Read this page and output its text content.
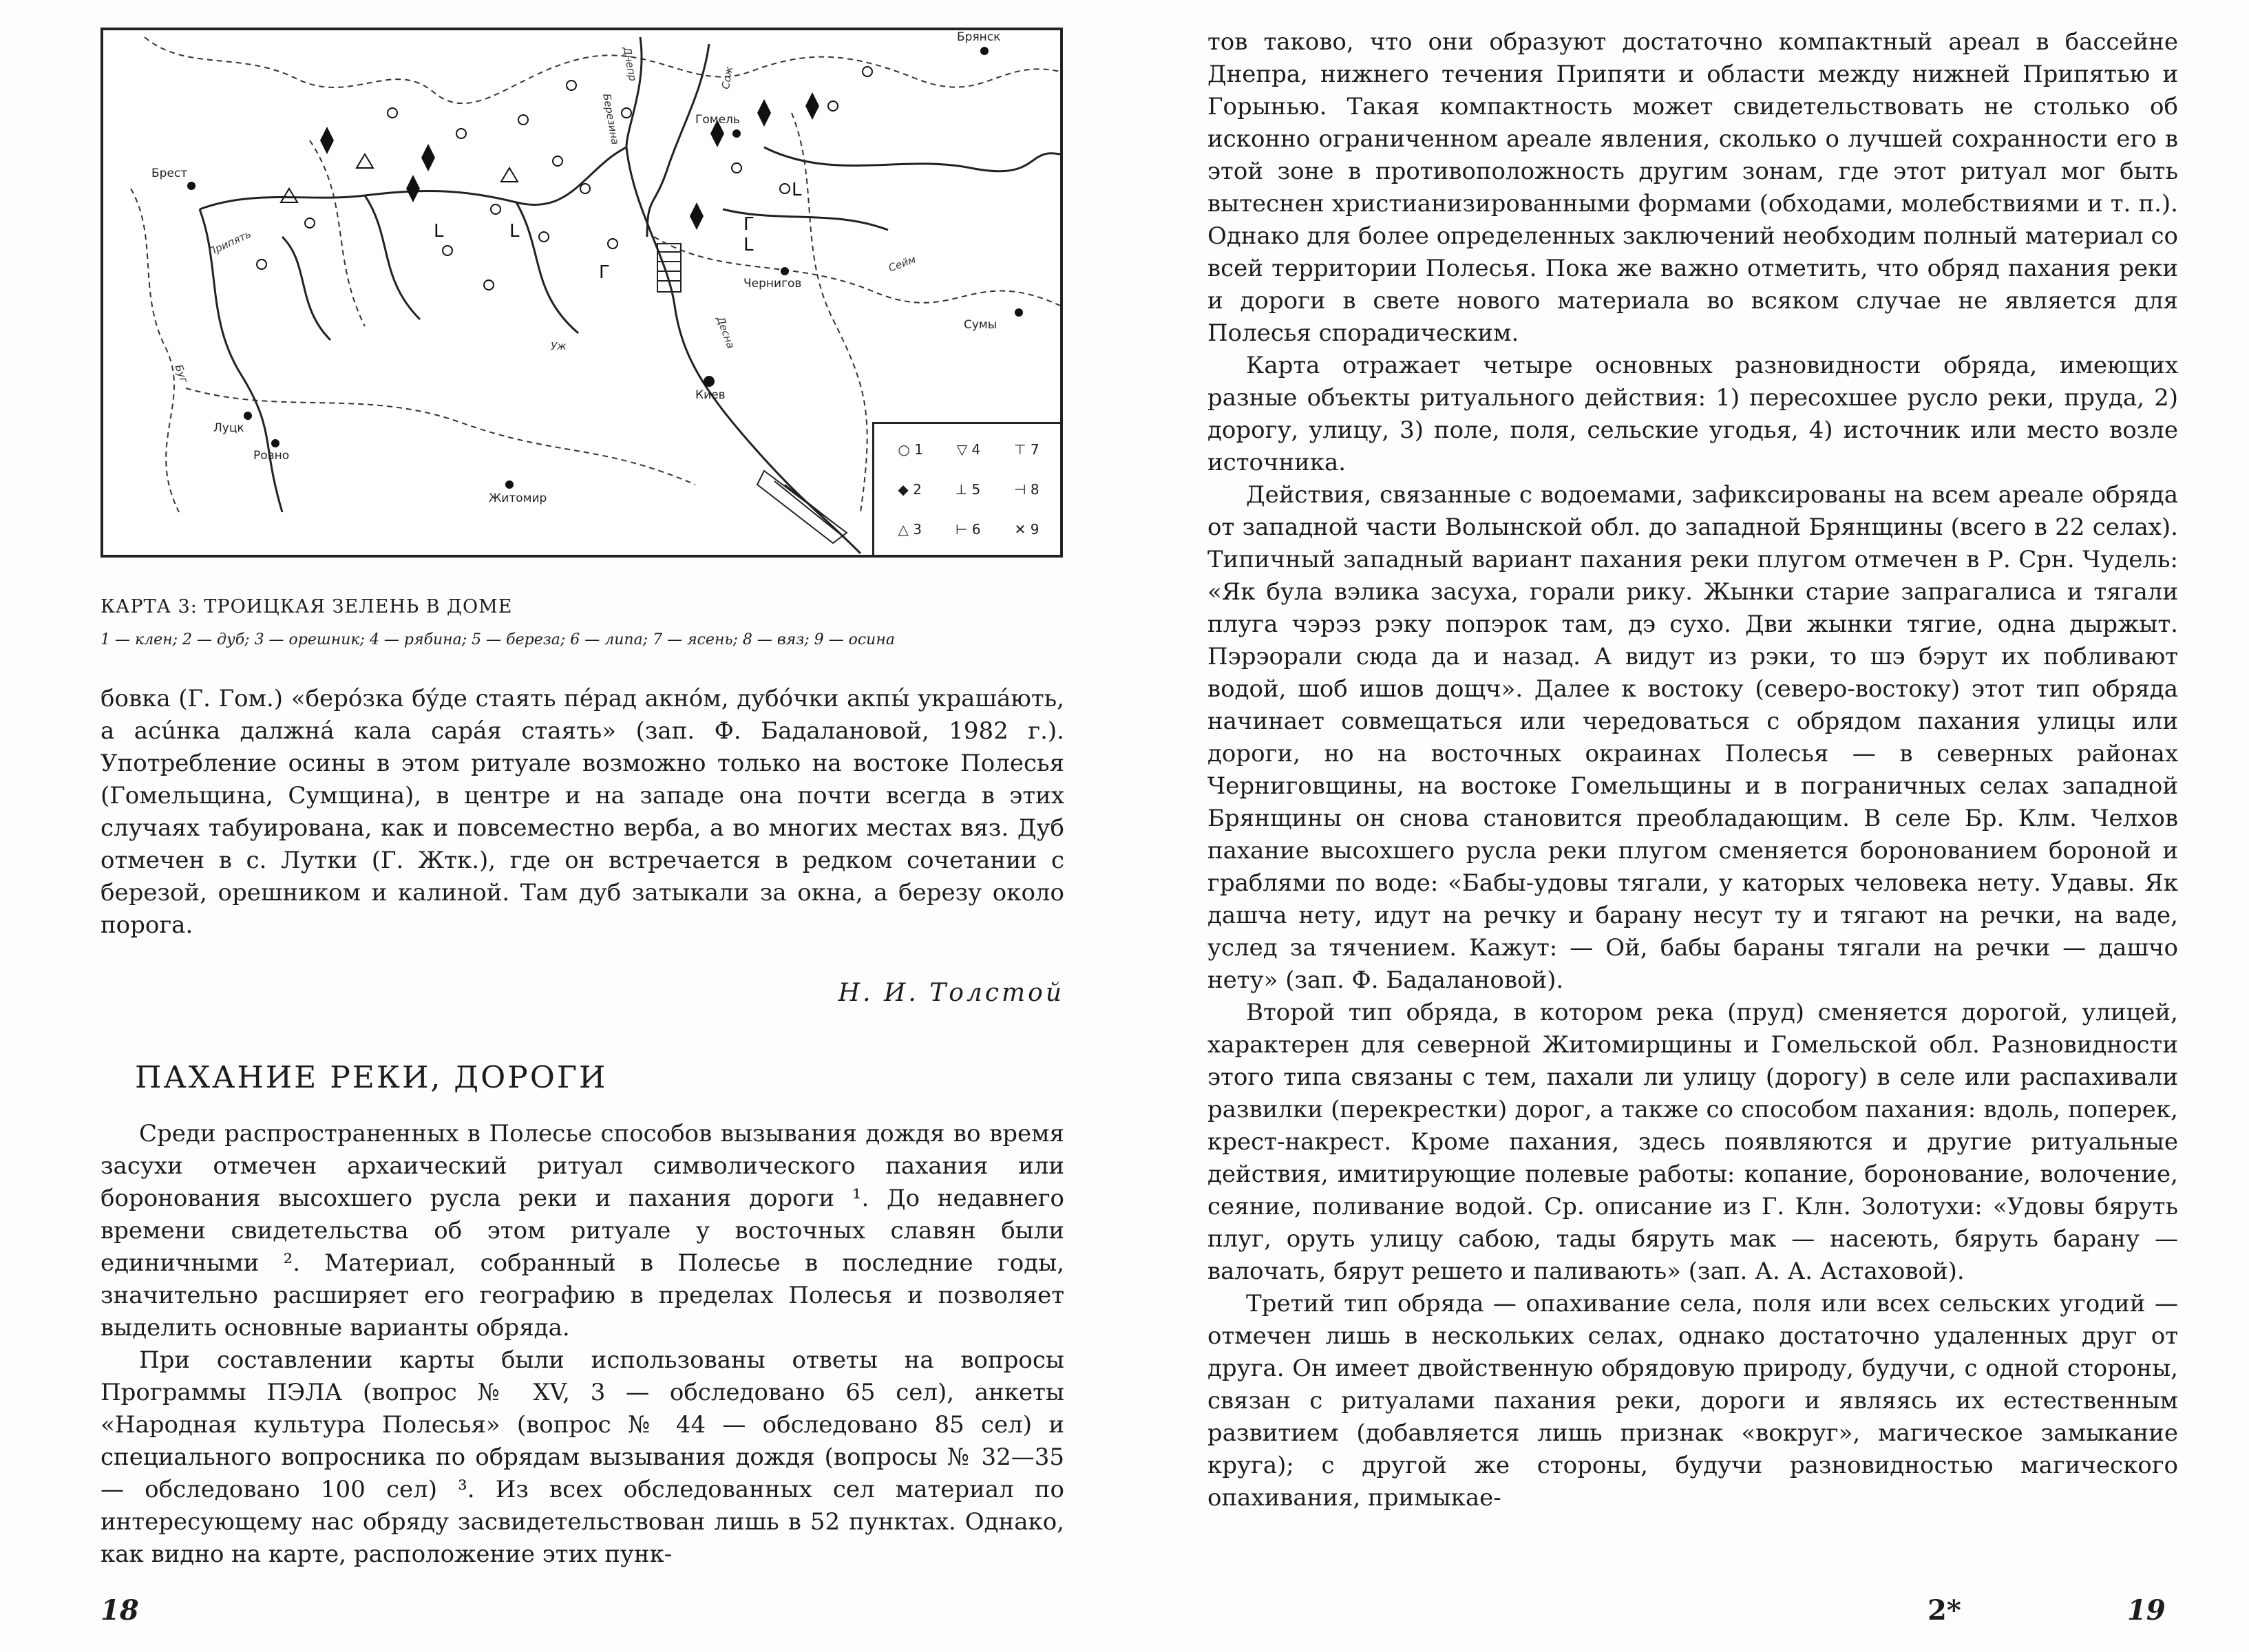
L	L	Г
L
Г
L
Брест
Гомель
Чернигов
Сумы
Луцк
Ровно
Житомир
Киев
Брянск
Припять
Буг
Десна
Сож
Днепр
Березина
Сейм
Уж
○ 1 ▽ 4 ⊤ 7
◆ 2 ⊥ 5 ⊣ 8
△ 3 ⊢ 6 ✕ 9
КАРТА 3: ТРОИЦКАЯ ЗЕЛЕНЬ В ДОМЕ
1 — клен; 2 — дуб; 3 — орешник; 4 — рябина; 5 — береза; 6 — липа; 7 — ясень; 8 — вяз; 9 — осина

бовка (Г. Гом.) «берóзка бýде стаять пéрад акнóм, дубóчки акпы́ украшáють, а асúнка далжнá кала сарáя стаять» (зап. Ф. Бадалановой, 1982 г.). Употребление осины в этом ритуале возможно только на востоке Полесья (Гомельщина, Сумщина), в центре и на западе она почти всегда в этих случаях табуирована, как и повсеместно верба, а во многих местах вяз. Дуб отмечен в с. Лутки (Г. Жтк.), где он встречается в редком сочетании с березой, орешником и калиной. Там дуб затыкали за окна, а березу около порога.

Н. И. Толстой
ПАХАНИЕ РЕКИ, ДОРОГИ

Среди распространенных в Полесье способов вызывания дождя во время засухи отмечен архаический ритуал символического пахания или боронования высохшего русла реки и пахания дороги ¹. До недавнего времени свидетельства об этом ритуале у восточных славян были единичными ². Материал, собранный в Полесье в последние годы, значительно расширяет его географию в пределах Полесья и позволяет выделить основные варианты обряда.

При составлении карты были использованы ответы на вопросы Программы ПЭЛА (вопрос № XV, 3 — обследовано 65 сел), анкеты «Народная культура Полесья» (вопрос № 44 — обследовано 85 сел) и специального вопросника по обрядам вызывания дождя (вопросы № 32—35 — обследовано 100 сел) ³. Из всех обследованных сел материал по интересующему нас обряду засвидетельствован лишь в 52 пунктах. Однако, как видно на карте, расположение этих пунк-

18

тов таково, что они образуют достаточно компактный ареал в бассейне Днепра, нижнего течения Припяти и области между нижней Припятью и Горынью. Такая компактность может свидетельствовать не столько об исконно ограниченном ареале явления, сколько о лучшей сохранности его в этой зоне в противоположность другим зонам, где этот ритуал мог быть вытеснен христианизированными формами (обходами, молебствиями и т. п.). Однако для более определенных заключений необходим полный материал со всей территории Полесья. Пока же важно отметить, что обряд пахания реки и дороги в свете нового материала во всяком случае не является для Полесья спорадическим.

Карта отражает четыре основных разновидности обряда, имеющих разные объекты ритуального действия: 1) пересохшее русло реки, пруда, 2) дорогу, улицу, 3) поле, поля, сельские угодья, 4) источник или место возле источника.

Действия, связанные с водоемами, зафиксированы на всем ареале обряда от западной части Волынской обл. до западной Брянщины (всего в 22 селах). Типичный западный вариант пахания реки плугом отмечен в Р. Срн. Чудель: «Як була вэлика засуха, горали рику. Жынки старие запрагалиса и тягали плуга чэрэз рэку попэрок там, дэ сухо. Дви жынки тягие, одна дыржыт. Пэрэорали сюда да и назад. А видут из рэки, то шэ бэрут их побливают водой, шоб ишов дощч». Далее к востоку (северо-востоку) этот тип обряда начинает совмещаться или чередоваться с обрядом пахания улицы или дороги, но на восточных окраинах Полесья — в северных районах Черниговщины, на востоке Гомельщины и в пограничных селах западной Брянщины он снова становится преобладающим. В селе Бр. Клм. Челхов пахание высохшего русла реки плугом сменяется боронованием бороной и граблями по воде: «Бабы-удовы тягали, у каторых человека нету. Удавы. Як дашча нету, идут на речку и барану несут ту и тягают на речки, на ваде, услед за тячением. Кажут: — Ой, бабы бараны тягали на речки — дашчо нету» (зап. Ф. Бадалановой).

Второй тип обряда, в котором река (пруд) сменяется дорогой, улицей, характерен для северной Житомирщины и Гомельской обл. Разновидности этого типа связаны с тем, пахали ли улицу (дорогу) в селе или распахивали развилки (перекрестки) дорог, а также со способом пахания: вдоль, поперек, крест-накрест. Кроме пахания, здесь появляются и другие ритуальные действия, имитирующие полевые работы: копание, боронование, волочение, сеяние, поливание водой. Ср. описание из Г. Клн. Золотухи: «Удовы бяруть плуг, оруть улицу сабою, тады бяруть мак — насеють, бяруть барану — валочать, бярут решето и паливають» (зап. А. А. Астаховой).

Третий тип обряда — опахивание села, поля или всех сельских угодий — отмечен лишь в нескольких селах, однако достаточно удаленных друг от друга. Он имеет двойственную обрядовую природу, будучи, с одной стороны, связан с ритуалами пахания реки, дороги и являясь их естественным развитием (добавляется лишь признак «вокруг», магическое замыкание круга); с другой же стороны, будучи разновидностью магического опахивания, примыкае-

2*	19
